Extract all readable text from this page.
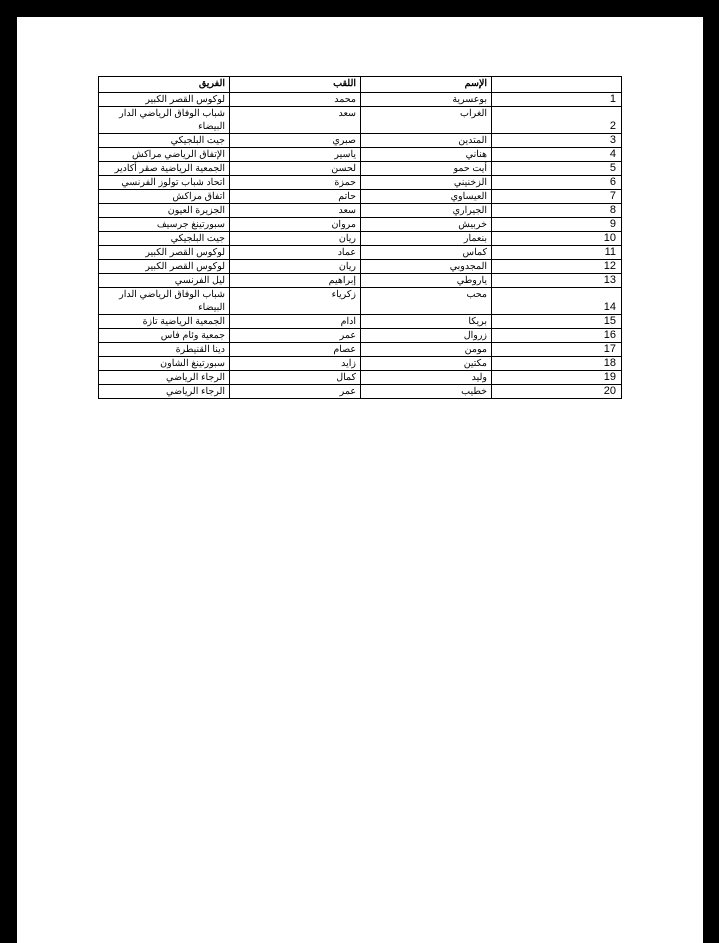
الفريق	اللقب	الإسم	
لوكوس القصر الكبير	محمد	بوعسرية	1
شباب الوفاق الرياضي الدار البيضاء	سعد	الغراب	2
جيت البلجيكي	صبري	المتدين	3
الإتفاق الرياضي مراكش	ياسير	هناني	4
الجمعية الرياضية صقر أكادير	لحسن	أيت حمو	5
اتحاد شباب تولوز الفرنسي	حمزة	الزخنيني	6
اتفاق مراكش	حاتم	العيساوي	7
الجزيرة العيون	سعد	الجيراري	8
سبورتينغ جرسيف	مروان	خربيش	9
جيت البلجيكي	ريان	بنعمار	10
لوكوس القصر الكبير	عماد	كماس	11
لوكوس القصر الكبير	ريان	المجدوبي	12
ليل الفرنسي	إبراهيم	ياروطي	13
شباب الوفاق الرياضي الدار البيضاء	زكرياء	محب	14
الجمعية الرياضية تازة	ادام	بريكا	15
جمعية وئام فاس	عمر	زروال	16
دينا القنيطرة	عصام	مومن	17
سبورتينغ الشاون	زايد	مكتين	18
الرجاء الرياضي	كمال	وليد	19
الرجاء الرياضي	عمر	خطيب	20
